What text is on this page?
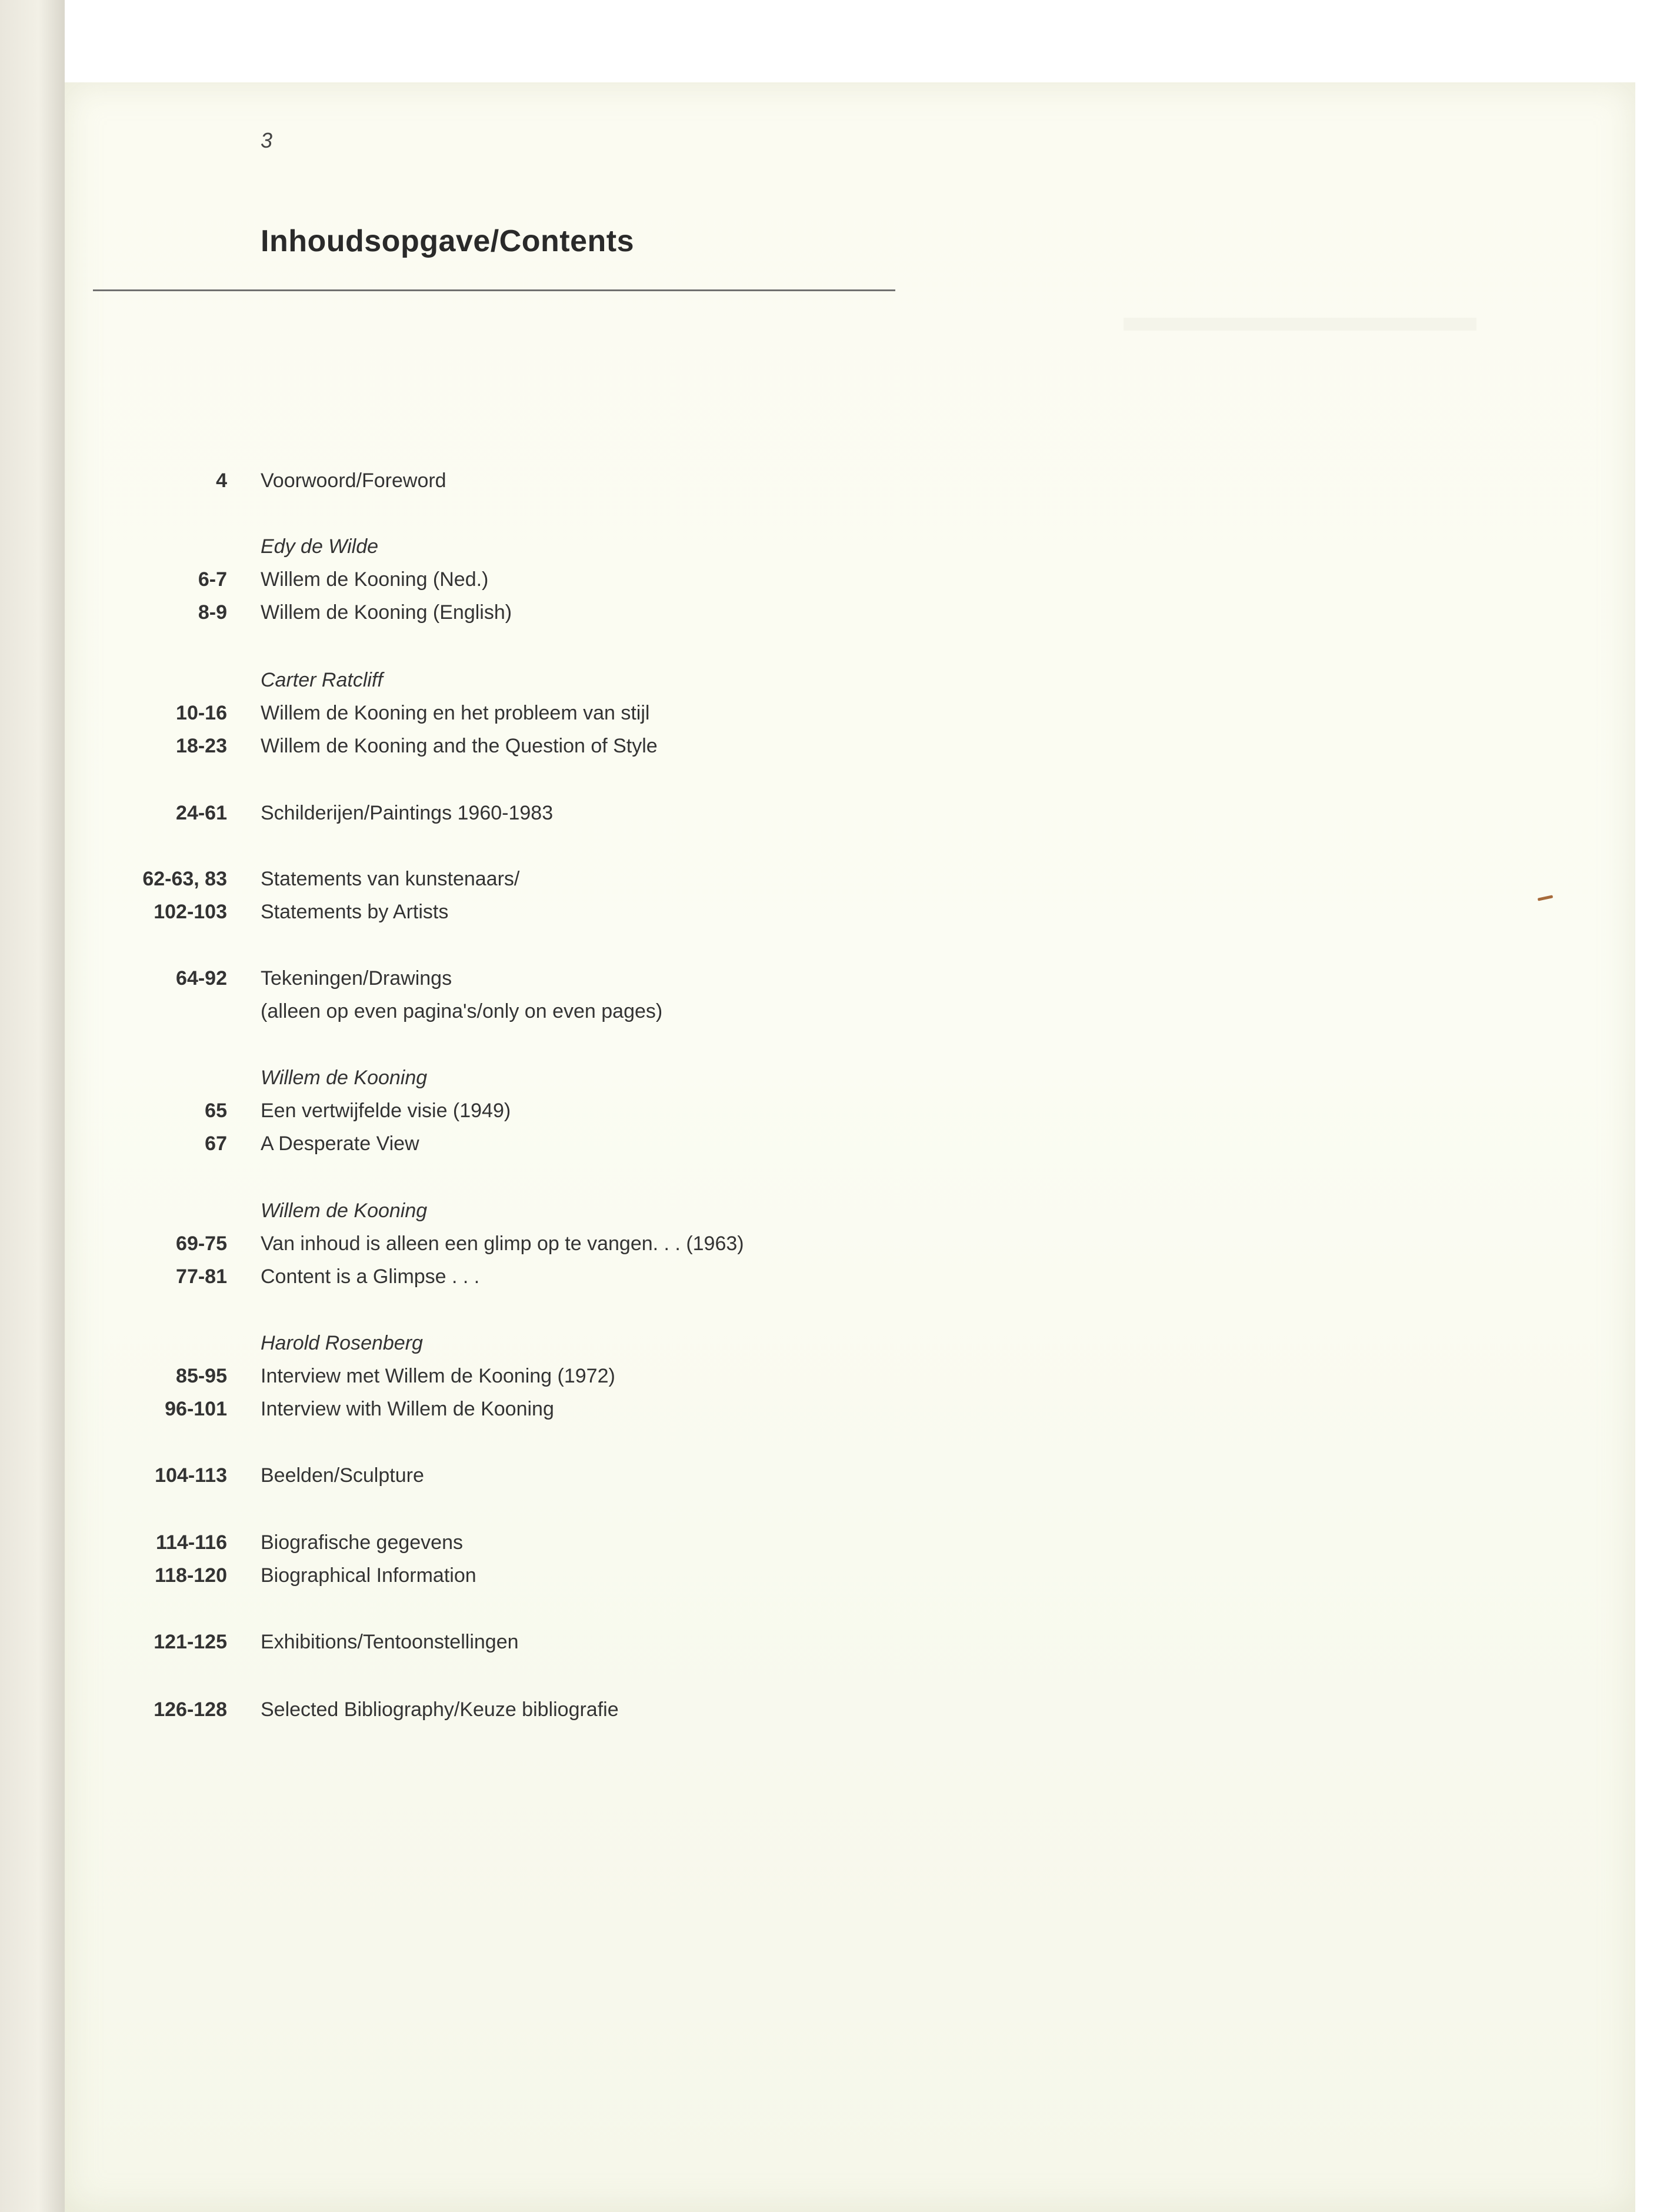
3
Inhoudsopgave/Contents
4 Voorwoord/Foreword
Edy de Wilde
6-7 Willem de Kooning (Ned.)
8-9 Willem de Kooning (English)
Carter Ratcliff
10-16 Willem de Kooning en het probleem van stijl
18-23 Willem de Kooning and the Question of Style
24-61 Schilderijen/Paintings 1960-1983
62-63, 83 Statements van kunstenaars/
102-103 Statements by Artists
64-92 Tekeningen/Drawings
(alleen op even pagina's/only on even pages)
Willem de Kooning
65 Een vertwijfelde visie (1949)
67 A Desperate View
Willem de Kooning
69-75 Van inhoud is alleen een glimp op te vangen. . . (1963)
77-81 Content is a Glimpse . . .
Harold Rosenberg
85-95 Interview met Willem de Kooning (1972)
96-101 Interview with Willem de Kooning
104-113 Beelden/Sculpture
114-116 Biografische gegevens
118-120 Biographical Information
121-125 Exhibitions/Tentoonstellingen
126-128 Selected Bibliography/Keuze bibliografie
